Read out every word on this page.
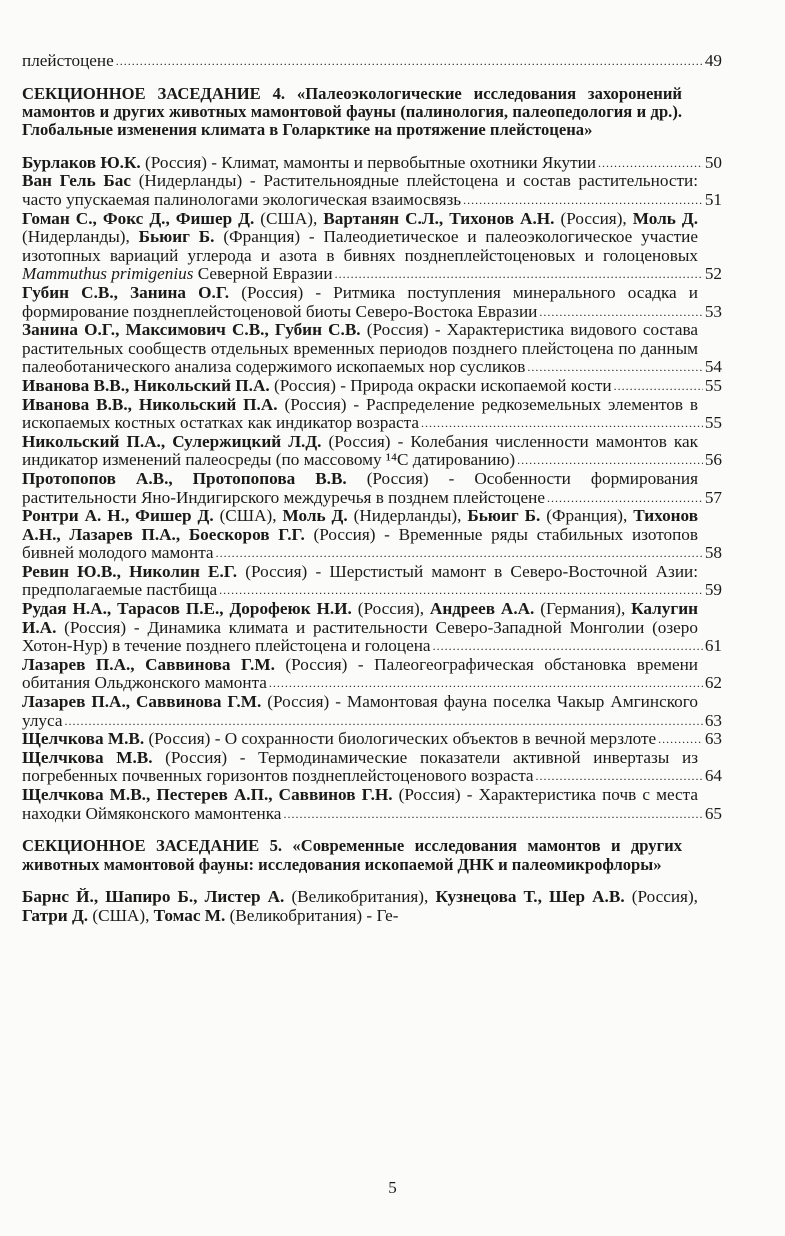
плейстоцене .....	49
СЕКЦИОННОЕ ЗАСЕДАНИЕ 4. «Палеоэкологические исследования захоронений мамонтов и других животных мамонтовой фауны (палинология, палеопедология и др.). Глобальные изменения климата в Голарктике на протяжение плейстоцена»
Бурлаков Ю.К. (Россия) - Климат, мамонты и первобытные охотники Якутии .....	50
Ван Гель Бас (Нидерланды) - Растительноядные плейстоцена и состав растительности: часто упускаемая палинологами экологическая взаимосвязь .....	51
Гоман С., Фокс Д., Фишер Д. (США), Вартанян С.Л., Тихонов А.Н. (Россия), Моль Д. (Нидерланды), Бьюиг Б. (Франция) - Палеодиетическое и палеоэкологическое участие изотопных вариаций углерода и азота в бивнях позднеплейстоценовых и голоценовых Mammuthus primigenius Северной Евразии .....	52
Губин С.В., Занина О.Г. (Россия) - Ритмика поступления минерального осадка и формирование позднеплейстоценовой биоты Северо-Востока Евразии .....	53
Занина О.Г., Максимович С.В., Губин С.В. (Россия) - Характеристика видового состава растительных сообществ отдельных временных периодов позднего плейстоцена по данным палеоботанического анализа содержимого ископаемых нор сусликов .....	54
Иванова В.В., Никольский П.А. (Россия) - Природа окраски ископаемой кости .....	55
Иванова В.В., Никольский П.А. (Россия) - Распределение редкоземельных элементов в ископаемых костных остатках как индикатор возраста .....	55
Никольский П.А., Сулержицкий Л.Д. (Россия) - Колебания численности мамонтов как индикатор изменений палеосреды (по массовому ¹⁴C датированию) .....	56
Протопопов А.В., Протопопова В.В. (Россия) - Особенности формирования растительности Яно-Индигирского междуречья в позднем плейстоцене .....	57
Ронтри А. Н., Фишер Д. (США), Моль Д. (Нидерланды), Бьюиг Б. (Франция), Тихонов А.Н., Лазарев П.А., Боескоров Г.Г. (Россия) - Временные ряды стабильных изотопов бивней молодого мамонта .....	58
Ревин Ю.В., Николин Е.Г. (Россия) - Шерстистый мамонт в Северо-Восточной Азии: предполагаемые пастбища .....	59
Рудая Н.А., Тарасов П.Е., Дорофеюк Н.И. (Россия), Андреев А.А. (Германия), Калугин И.А. (Россия) - Динамика климата и растительности Северо-Западной Монголии (озеро Хотон-Нур) в течение позднего плейстоцена и голоцена .....	61
Лазарев П.А., Саввинова Г.М. (Россия) - Палеогеографическая обстановка времени обитания Ольджонского мамонта .....	62
Лазарев П.А., Саввинова Г.М. (Россия) - Мамонтовая фауна поселка Чакыр Амгинского улуса .....	63
Щелчкова М.В. (Россия) - О сохранности биологических объектов в вечной мерзлоте .....	63
Щелчкова М.В. (Россия) - Термодинамические показатели активной инвертазы из погребенных почвенных горизонтов позднеплейстоценового возраста .....	64
Щелчкова М.В., Пестерев А.П., Саввинов Г.Н. (Россия) - Характеристика почв с места находки Оймяконского мамонтенка .....	65
СЕКЦИОННОЕ ЗАСЕДАНИЕ 5. «Современные исследования мамонтов и других животных мамонтовой фауны: исследования ископаемой ДНК и палеомикрофлоры»
Барнс Й., Шапиро Б., Листер А. (Великобритания), Кузнецова Т., Шер А.В. (Россия), Гатри Д. (США), Томас М. (Великобритания) - Ге-
5
